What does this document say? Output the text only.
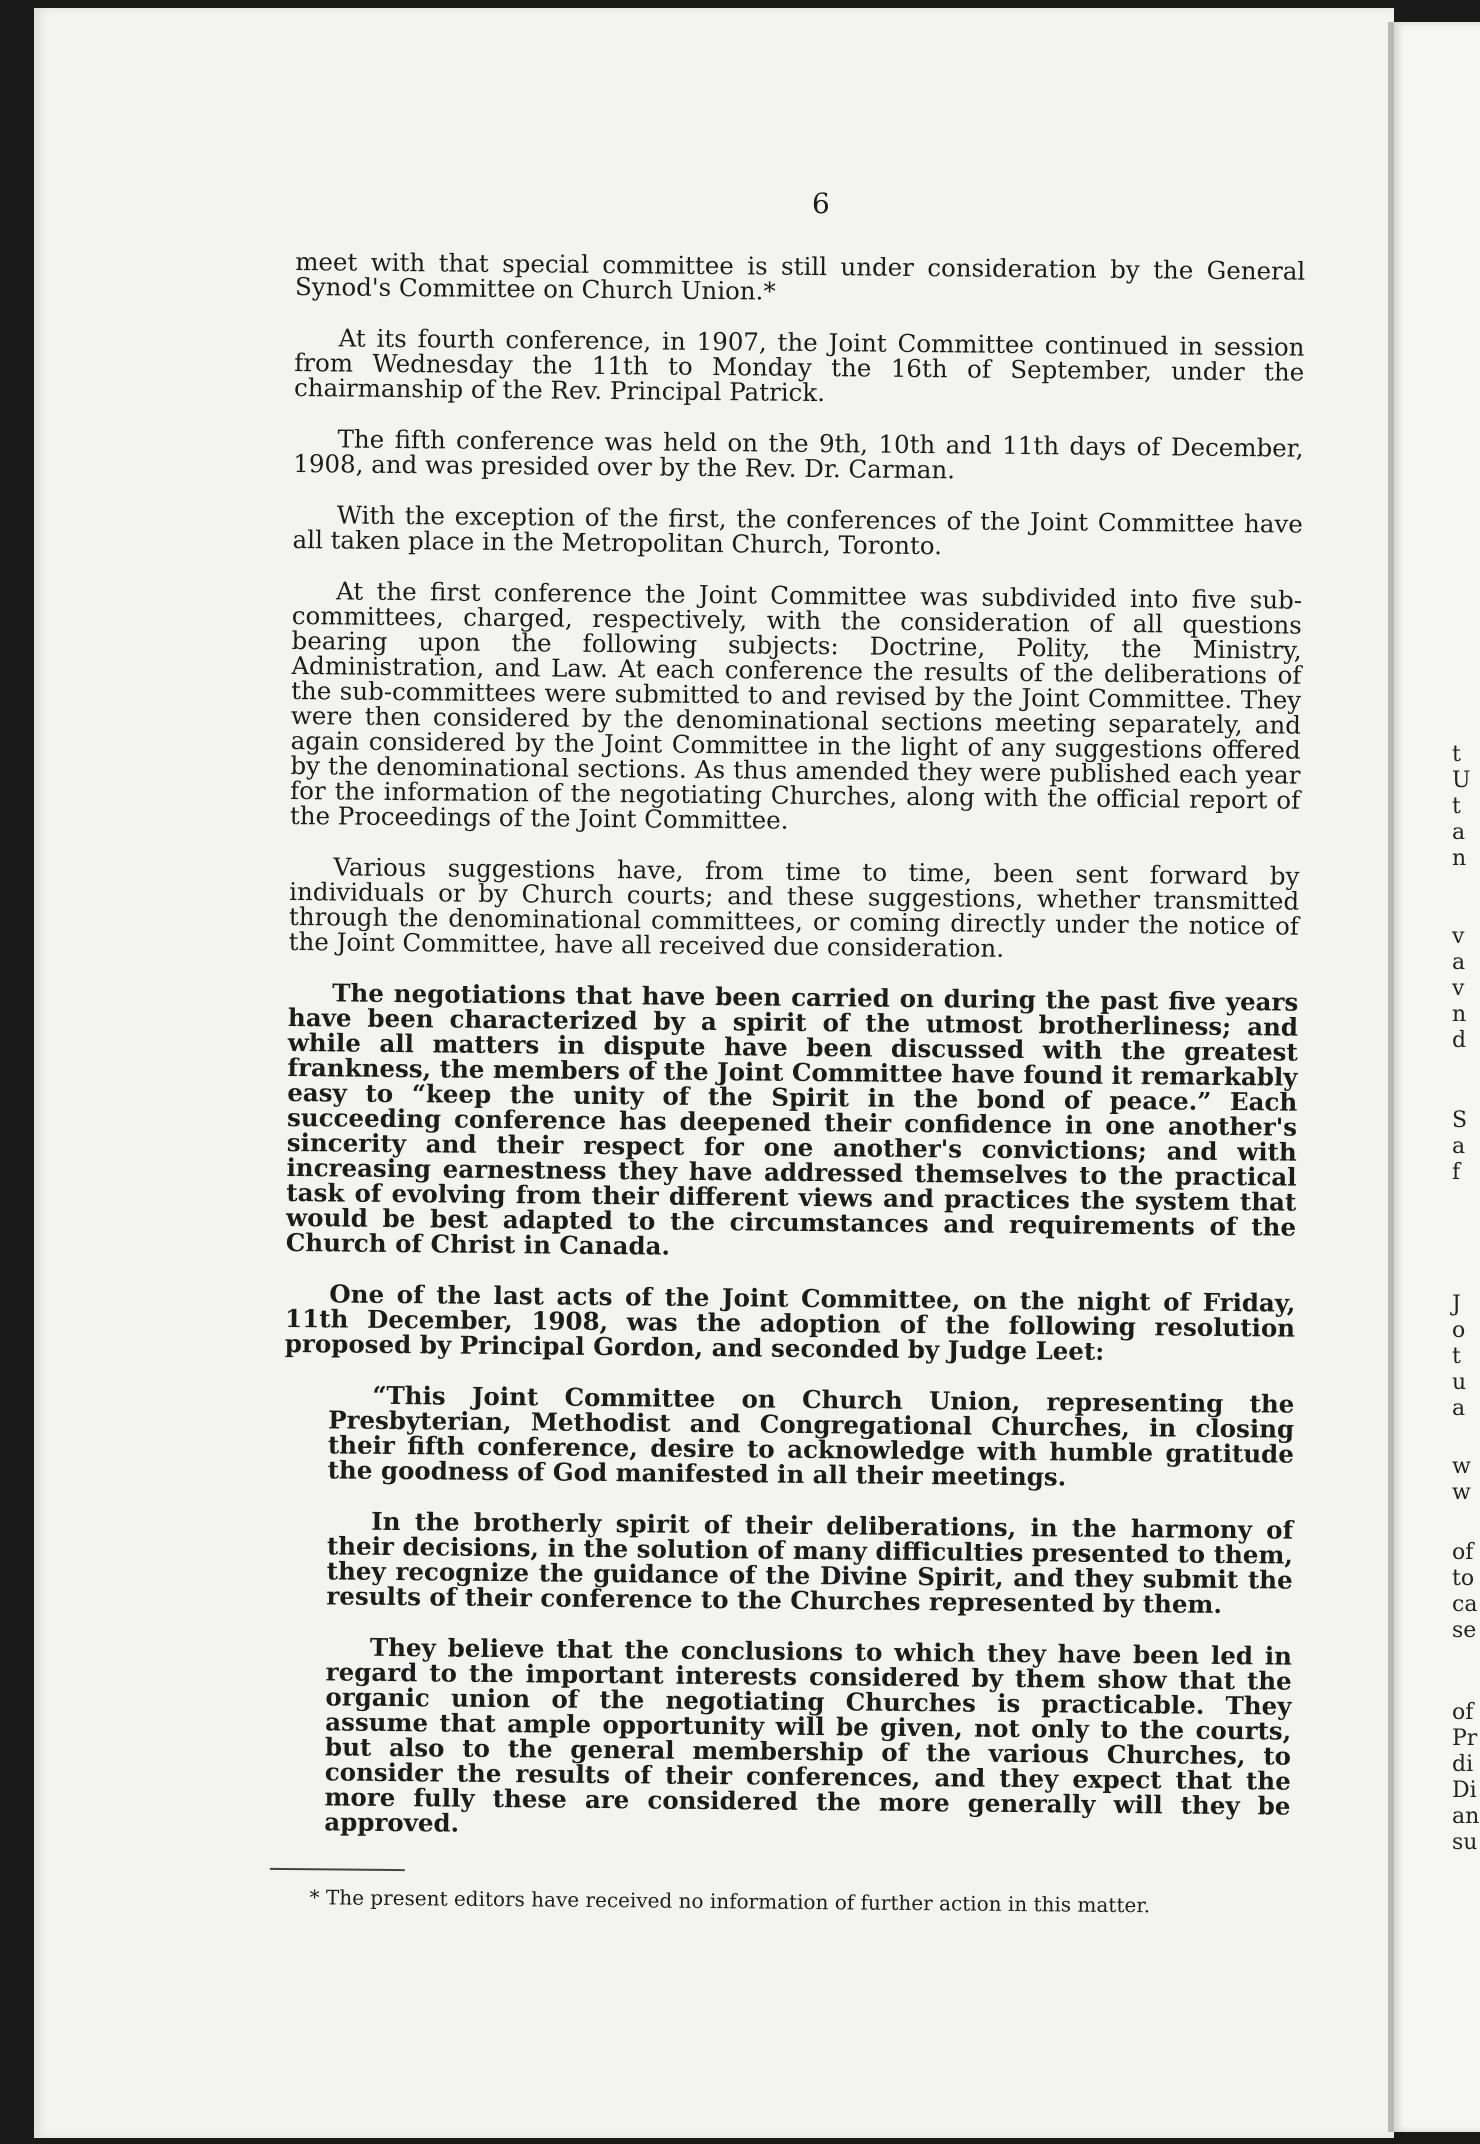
6

meet with that special committee is still under consideration by the General Synod's Committee on Church Union.*

At its fourth conference, in 1907, the Joint Committee continued in session from Wednesday the 11th to Monday the 16th of September, under the chairmanship of the Rev. Principal Patrick.

The fifth conference was held on the 9th, 10th and 11th days of December, 1908, and was presided over by the Rev. Dr. Carman.

With the exception of the first, the conferences of the Joint Committee have all taken place in the Metropolitan Church, Toronto.

At the first conference the Joint Committee was subdivided into five sub-committees, charged, respectively, with the consideration of all questions bearing upon the following subjects: Doctrine, Polity, the Ministry, Administration, and Law. At each conference the results of the deliberations of the sub-committees were submitted to and revised by the Joint Committee. They were then considered by the denominational sections meeting separately, and again considered by the Joint Committee in the light of any suggestions offered by the denominational sections. As thus amended they were published each year for the information of the negotiating Churches, along with the official report of the Proceedings of the Joint Committee.

Various suggestions have, from time to time, been sent forward by individuals or by Church courts; and these suggestions, whether transmitted through the denominational committees, or coming directly under the notice of the Joint Committee, have all received due consideration.

The negotiations that have been carried on during the past five years have been characterized by a spirit of the utmost brotherliness; and while all matters in dispute have been discussed with the greatest frankness, the members of the Joint Committee have found it remarkably easy to “keep the unity of the Spirit in the bond of peace.” Each succeeding conference has deepened their confidence in one another's sincerity and their respect for one another's convictions; and with increasing earnestness they have addressed themselves to the practical task of evolving from their different views and practices the system that would be best adapted to the circumstances and requirements of the Church of Christ in Canada.

One of the last acts of the Joint Committee, on the night of Friday, 11th December, 1908, was the adoption of the following resolution proposed by Principal Gordon, and seconded by Judge Leet:

“This Joint Committee on Church Union, representing the Presbyterian, Methodist and Congregational Churches, in closing their fifth conference, desire to acknowledge with humble gratitude the goodness of God manifested in all their meetings.

In the brotherly spirit of their deliberations, in the harmony of their decisions, in the solution of many difficulties presented to them, they recognize the guidance of the Divine Spirit, and they submit the results of their conference to the Churches represented by them.

They believe that the conclusions to which they have been led in regard to the important interests considered by them show that the organic union of the negotiating Churches is practicable. They assume that ample opportunity will be given, not only to the courts, but also to the general membership of the various Churches, to consider the results of their conferences, and they expect that the more fully these are considered the more generally will they be approved.

* The present editors have received no information of further action in this matter.
t
U
t
a
n
v
a
v
n
d
S
a
f
J
o
t
u
a
w
w
of
to
ca
se
of
Pr
di
Di
an
su
